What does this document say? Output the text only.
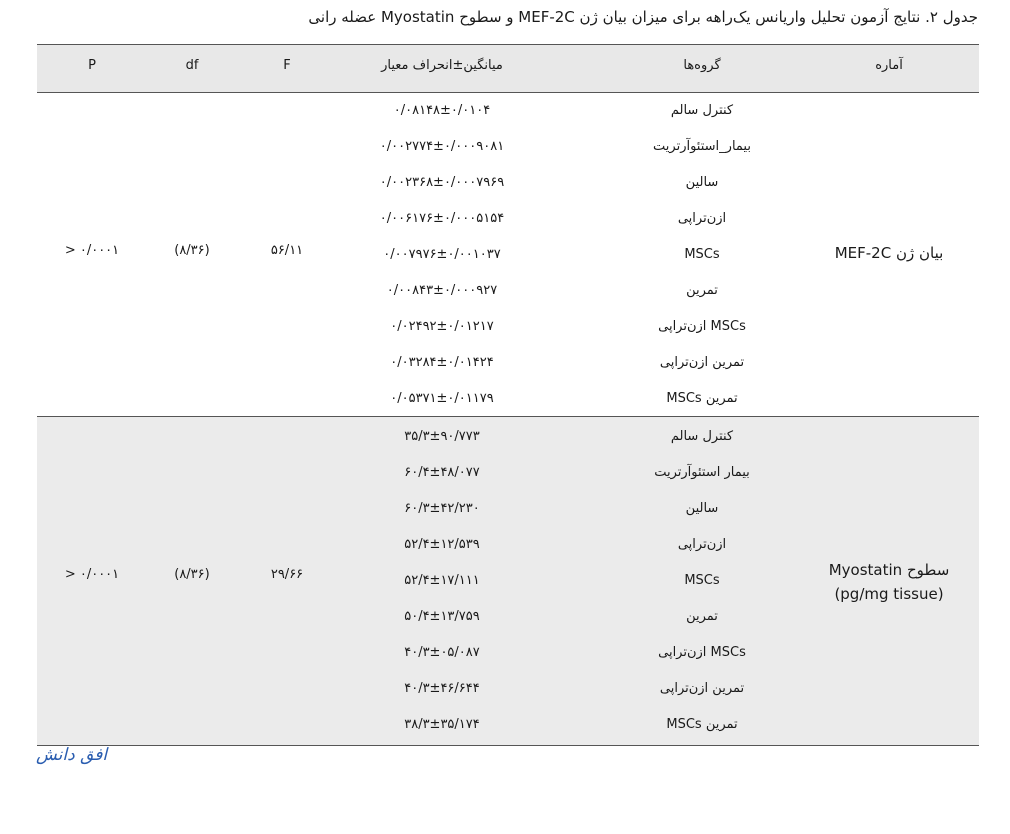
جدول ۲. نتایج آزمون تحلیل واریانس یک‌راهه برای میزان بیان ژن MEF-2C و سطوح Myostatin عضله رانی
آماره
گروه‌ها
میانگین±انحراف معیار
F
df
P
بیان ژن MEF-2C
۵۶/۱۱
(۸/۳۶)
> ۰/۰۰۰۱
کنترل سالم
۰/۰۸۱۴۸±۰/۰۱۰۴
بیمار_استئوآرتریت
۰/۰۰۲۷۷۴±۰/۰۰۰۹۰۸۱
سالین
۰/۰۰۲۳۶۸±۰/۰۰۰۷۹۶۹
ازن‌تراپی
۰/۰۰۶۱۷۶±۰/۰۰۰۵۱۵۴
MSCs
۰/۰۰۷۹۷۶±۰/۰۰۱۰۳۷
تمرین
۰/۰۰۸۴۳±۰/۰۰۰۹۲۷
MSCs ازن‌تراپی
۰/۰۲۴۹۲±۰/۰۱۲۱۷
تمرین ازن‌تراپی
۰/۰۳۲۸۴±۰/۰۱۴۲۴
تمرین MSCs
۰/۰۵۳۷۱±۰/۰۱۱۷۹
سطوح Myostatin (pg/mg tissue)
۲۹/۶۶
(۸/۳۶)
> ۰/۰۰۰۱
کنترل سالم
۳۵/۳±۹۰/۷۷۳
بیمار استئوآرتریت
۶۰/۴±۴۸/۰۷۷
سالین
۶۰/۳±۴۲/۲۳۰
ازن‌تراپی
۵۲/۴±۱۲/۵۳۹
MSCs
۵۲/۴±۱۷/۱۱۱
تمرین
۵۰/۴±۱۳/۷۵۹
MSCs ازن‌تراپی
۴۰/۳±۰۵/۰۸۷
تمرین ازن‌تراپی
۴۰/۳±۴۶/۶۴۴
تمرین MSCs
۳۸/۳±۳۵/۱۷۴
افق دانش
